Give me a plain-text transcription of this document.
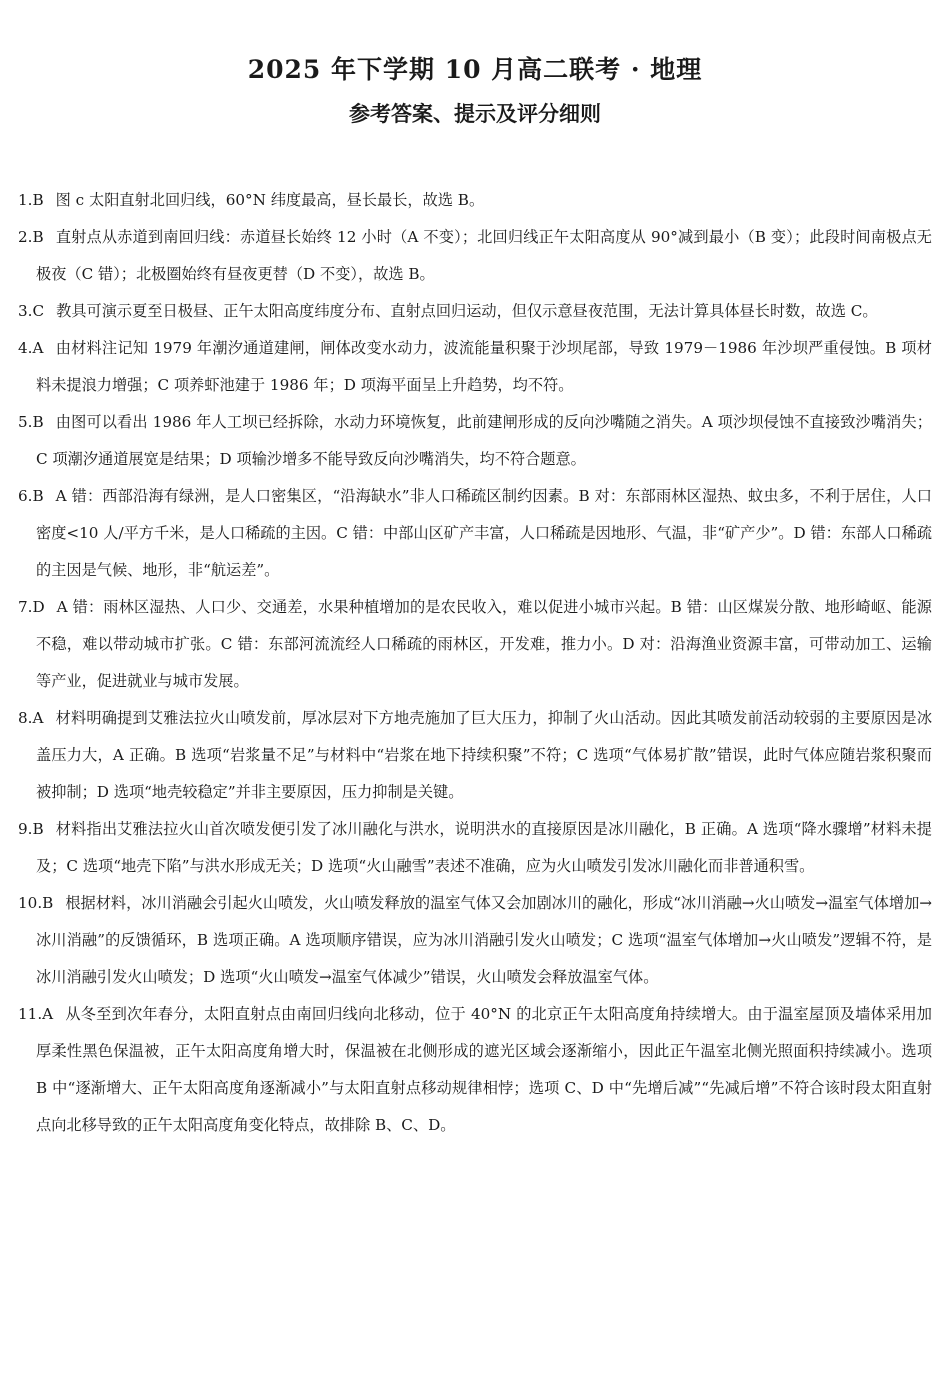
2025 年下学期 10 月高二联考 · 地理
参考答案、提示及评分细则

1.B 图 c 太阳直射北回归线，60°N 纬度最高，昼长最长，故选 B。

2.B 直射点从赤道到南回归线：赤道昼长始终 12 小时（A 不变）；北回归线正午太阳高度从 90°减到最小（B 变）；此段时间南极点无极夜（C 错）；北极圈始终有昼夜更替（D 不变），故选 B。

3.C 教具可演示夏至日极昼、正午太阳高度纬度分布、直射点回归运动，但仅示意昼夜范围，无法计算具体昼长时数，故选 C。

4.A 由材料注记知 1979 年潮汐通道建闸，闸体改变水动力，波流能量积聚于沙坝尾部，导致 1979－1986 年沙坝严重侵蚀。B 项材料未提浪力增强；C 项养虾池建于 1986 年；D 项海平面呈上升趋势，均不符。

5.B 由图可以看出 1986 年人工坝已经拆除，水动力环境恢复，此前建闸形成的反向沙嘴随之消失。A 项沙坝侵蚀不直接致沙嘴消失；C 项潮汐通道展宽是结果；D 项输沙增多不能导致反向沙嘴消失，均不符合题意。

6.B A 错：西部沿海有绿洲，是人口密集区，“沿海缺水”非人口稀疏区制约因素。B 对：东部雨林区湿热、蚊虫多，不利于居住，人口密度<10 人/平方千米，是人口稀疏的主因。C 错：中部山区矿产丰富，人口稀疏是因地形、气温，非“矿产少”。D 错：东部人口稀疏的主因是气候、地形，非“航运差”。

7.D A 错：雨林区湿热、人口少、交通差，水果种植增加的是农民收入，难以促进小城市兴起。B 错：山区煤炭分散、地形崎岖、能源不稳，难以带动城市扩张。C 错：东部河流流经人口稀疏的雨林区，开发难，推力小。D 对：沿海渔业资源丰富，可带动加工、运输等产业，促进就业与城市发展。

8.A 材料明确提到艾雅法拉火山喷发前，厚冰层对下方地壳施加了巨大压力，抑制了火山活动。因此其喷发前活动较弱的主要原因是冰盖压力大，A 正确。B 选项“岩浆量不足”与材料中“岩浆在地下持续积聚”不符；C 选项“气体易扩散”错误，此时气体应随岩浆积聚而被抑制；D 选项“地壳较稳定”并非主要原因，压力抑制是关键。

9.B 材料指出艾雅法拉火山首次喷发便引发了冰川融化与洪水，说明洪水的直接原因是冰川融化，B 正确。A 选项“降水骤增”材料未提及；C 选项“地壳下陷”与洪水形成无关；D 选项“火山融雪”表述不准确，应为火山喷发引发冰川融化而非普通积雪。

10.B 根据材料，冰川消融会引起火山喷发，火山喷发释放的温室气体又会加剧冰川的融化，形成“冰川消融→火山喷发→温室气体增加→冰川消融”的反馈循环，B 选项正确。A 选项顺序错误，应为冰川消融引发火山喷发；C 选项“温室气体增加→火山喷发”逻辑不符，是冰川消融引发火山喷发；D 选项“火山喷发→温室气体减少”错误，火山喷发会释放温室气体。

11.A 从冬至到次年春分，太阳直射点由南回归线向北移动，位于 40°N 的北京正午太阳高度角持续增大。由于温室屋顶及墙体采用加厚柔性黑色保温被，正午太阳高度角增大时，保温被在北侧形成的遮光区域会逐渐缩小，因此正午温室北侧光照面积持续减小。选项 B 中“逐渐增大、正午太阳高度角逐渐减小”与太阳直射点移动规律相悖；选项 C、D 中“先增后减”“先减后增”不符合该时段太阳直射点向北移导致的正午太阳高度角变化特点，故排除 B、C、D。
